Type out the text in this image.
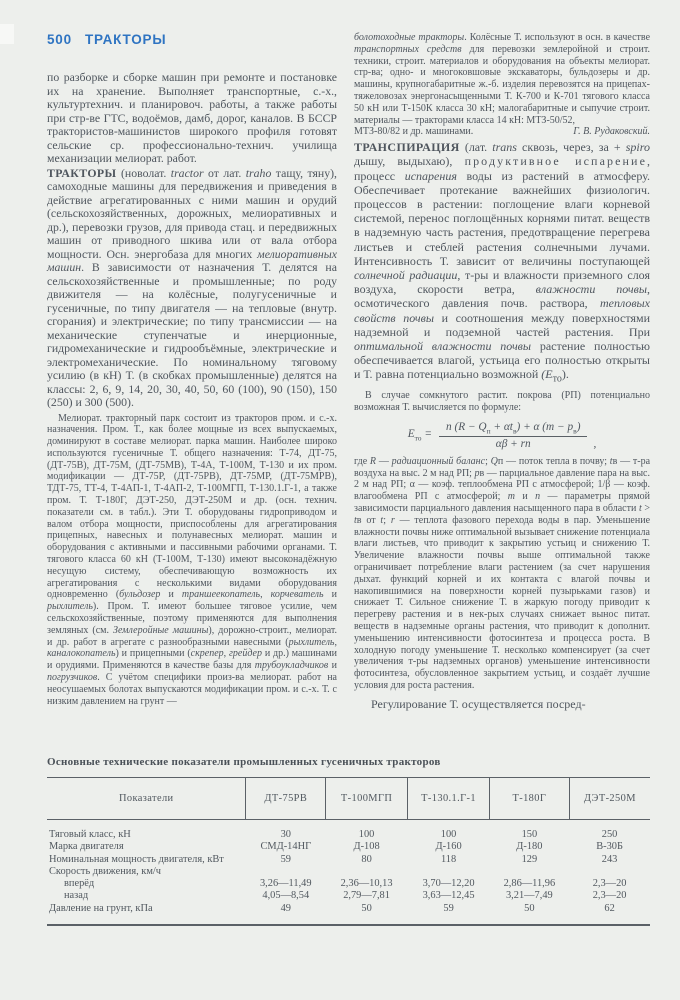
500 ТРАКТОРЫ

по разборке и сборке машин при ремонте и постановке их на хранение. Выполняет транспортные, с.-х., культуртехнич. и планировоч. работы, а также работы при стр-ве ГТС, водоёмов, дамб, дорог, каналов. В БССР трактористов-машинистов широкого профиля готовят сельские ср. профессионально-технич. училища механизации мелиорат. работ.

ТРАКТОРЫ (новолат. tractor от лат. traho тащу, тяну), самоходные машины для передвижения и приведения в действие агрегатированных с ними машин и орудий (сельскохозяйственных, дорожных, мелиоративных и др.), перевозки грузов, для привода стац. и передвижных машин от приводного шкива или от вала отбора мощности. Осн. энергобаза для многих мелиоративных машин. В зависимости от назначения Т. делятся на сельскохозяйственные и промышленные; по роду движителя — на колёсные, полугусеничные и гусеничные, по типу двигателя — на тепловые (внутр. сгорания) и электрические; по типу трансмиссии — на механические ступенчатые и инерционные, гидромеханические и гидрообъёмные, электрические и электромеханические. По номинальному тяговому усилию (в кН) Т. (в скобках промышленные) делятся на классы: 2, 6, 9, 14, 20, 30, 40, 50, 60 (100), 90 (150), 150 (250) и 300 (500).

Мелиорат. тракторный парк состоит из тракторов пром. и с.-х. назначения. Пром. Т., как более мощные из всех выпускаемых, доминируют в составе мелиорат. парка машин. Наиболее широко используются гусеничные Т. общего назначения: Т-74, ДТ-75, (ДТ-75В), ДТ-75М, (ДТ-75МВ), Т-4А, Т-100М, Т-130 и их пром. модификации — ДТ-75Р, (ДТ-75РВ), ДТ-75МР, (ДТ-75МРВ), ТДТ-75, ТТ-4, Т-4АП-1, Т-4АП-2, Т-100МГП, Т-130.1.Г-1, а также пром. Т. Т-180Г, ДЭТ-250, ДЭТ-250М и др. (осн. технич. показатели см. в табл.). Эти Т. оборудованы гидроприводом и валом отбора мощности, приспособлены для агрегатирования прицепных, навесных и полунавесных мелиорат. машин и оборудования с активными и пассивными рабочими органами. Т. тягового класса 60 кН (Т-100М, Т-130) имеют высоконадёжную несущую систему, обеспечивающую возможность их агрегатирования с несколькими видами оборудования одновременно (бульдозер и траншеекопатель, корчеватель и рыхлитель). Пром. Т. имеют большее тяговое усилие, чем сельскохозяйственные, поэтому применяются для выполнения земляных (см. Землеройные машины), дорожно-строит., мелиорат. и др. работ в агрегате с разнообразными навесными (рыхлитель, каналокопатель) и прицепными (скрепер, грейдер и др.) машинами и орудиями. Применяются в качестве базы для трубоукладчиков и погрузчиков. С учётом специфики произ-ва мелиорат. работ на неосушаемых болотах выпускаются модификации пром. и с.-х. Т. с низким давлением на грунт —

болотоходные тракторы. Колёсные Т. используют в осн. в качестве транспортных средств для перевозки землеройной и строит. техники, строит. материалов и оборудования на объекты мелиорат. стр-ва; одно- и многоковшовые экскаваторы, бульдозеры и др. машины, крупногабаритные ж.-б. изделия перевозятся на прицепах-тяжеловозах энергонасыщенными Т. К-700 и К-701 тягового класса 50 кН или Т-150К класса 30 кН; малогабаритные и сыпучие строит. материалы — тракторами класса 14 кН: МТЗ-50/52,

МТЗ-80/82 и др. машинами.	Г. В. Рудаковский.

ТРАНСПИРАЦИЯ (лат. trans сквозь, через, за + spiro дышу, выдыхаю), продуктивное испарение, процесс испарения воды из растений в атмосферу. Обеспечивает протекание важнейших физиологич. процессов в растении: поглощение влаги корневой системой, перенос поглощённых корнями питат. веществ в надземную часть растения, предотвращение перегрева листьев и стеблей растения солнечными лучами. Интенсивность Т. зависит от величины поступающей солнечной радиации, т-ры и влажности приземного слоя воздуха, скорости ветра, влажности почвы, осмотического давления почв. раствора, тепловых свойств почвы и соотношения между поверхностями надземной и подземной частей растения. При оптимальной влажности почвы растение полностью обеспечивается влагой, устьица его полностью открыты и Т. равна потенциально возможной $(E_{то})$.

В случае сомкнутого растит. покрова (РП) потенциально возможная Т. вычисляется по формуле:

$E_{то} = \frac{n (R - Q_п + \alpha t_в) + \alpha (m - p_в)}{\alpha\beta + rn}$ ,

где R — радиационный баланс; Qп — поток тепла в почву; tв — т-ра воздуха на выс. 2 м над РП; pв — парциальное давление пара на выс. 2 м над РП; α — коэф. теплообмена РП с атмосферой; 1/β — коэф. влагообмена РП с атмосферой; m и n — параметры прямой зависимости парциального давления насыщенного пара в области t > tв от t; r — теплота фазового перехода воды в пар. Уменьшение влажности почвы ниже оптимальной вызывает снижение потенциала влаги листьев, что приводит к закрытию устьиц и снижению Т. Увеличение влажности почвы выше оптимальной также ограничивает потребление влаги растением (за счет нарушения дыхат. функций корней и их контакта с влагой почвы и накопившимися на поверхности корней пузырьками газов) и снижает Т. Сильное снижение Т. в жаркую погоду приводит к перегреву растения и в нек-рых случаях снижает вынос питат. веществ в надземные органы растения, что приводит к дополнит. уменьшению интенсивности фотосинтеза и процесса роста. В холодную погоду уменьшение Т. несколько компенсирует (за счет увеличения т-ры надземных органов) уменьшение интенсивности фотосинтеза, обусловленное закрытием устьиц, и создаёт лучшие условия для роста растения.

Регулирование Т. осуществляется посред-

Основные технические показатели промышленных гусеничных тракторов

Показатели	ДТ-75РВ	Т-100МГП	Т-130.1.Г-1	Т-180Г	ДЭТ-250М
Тяговый класс, кН	30	100	100	150	250
Марка двигателя	СМД-14НГ	Д-108	Д-160	Д-180	В-30Б
Номинальная мощность двигателя, кВт	59	80	118	129	243
Скорость движения, км/ч					
вперёд	3,26—11,49	2,36—10,13	3,70—12,20	2,86—11,96	2,3—20
назад	4,05—8,54	2,79—7,81	3,63—12,45	3,21—7,49	2,3—20
Давление на грунт, кПа	49	50	59	50	62
